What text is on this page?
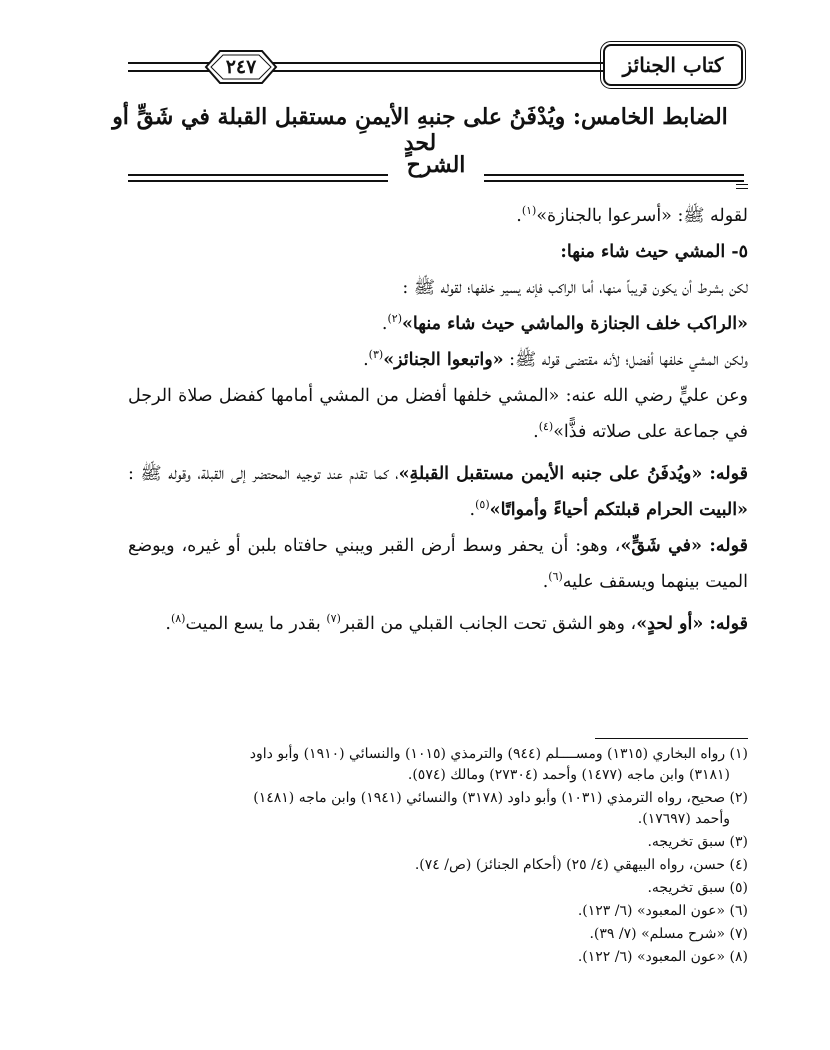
٢٤٧	كتاب الجنائز
الضابط الخامس: ويُدْفَنُ على جنبهِ الأيمنِ مستقبل القبلة في شَقٍّ أو لحدٍ
الشرح

لقوله ﷺ: «أسرعوا بالجنازة»$^{(١)}$.

٥- المشي حيث شاء منها:

لكن بشرط أن يكون قريباً منها، أما الراكب فإنه يسير خلفها؛ لقوله ﷺ :

«الراكب خلف الجنازة والماشي حيث شاء منها»$^{(٢)}$.

ولكن المشي خلفها أفضل؛ لأنه مقتضى قوله ﷺ: «واتبعوا الجنائز»$^{(٣)}$.

وعن عليٍّ رضي الله عنه: «المشي خلفها أفضل من المشي أمامها كفضل صلاة الرجل في جماعة على صلاته فذًّا»$^{(٤)}$.

قوله: «ويُدفَنُ على جنبه الأيمن مستقبل القبلةِ»، كما تقدم عند توجيه المحتضر إلى القبلة، وقوله ﷺ : «البيت الحرام قبلتكم أحياءً وأمواتًا»$^{(٥)}$.

قوله: «في شَقٍّ»، وهو: أن يحفر وسط أرض القبر ويبني حافتاه بلبن أو غيره، ويوضع الميت بينهما ويسقف عليه$^{(٦)}$.

قوله: «أو لحدٍ»، وهو الشق تحت الجانب القبلي من القبر$^{(٧)}$ بقدر ما يسع الميت$^{(٨)}$.

(١) رواه البخاري (١٣١٥) ومســــلم (٩٤٤) والترمذي (١٠١٥) والنسائي (١٩١٠) وأبو داود
(٣١٨١) وابن ماجه (١٤٧٧) وأحمد (٢٧٣٠٤) ومالك (٥٧٤).

(٢) صحيح، رواه الترمذي (١٠٣١) وأبو داود (٣١٧٨) والنسائي (١٩٤١) وابن ماجه (١٤٨١)
وأحمد (١٧٦٩٧).

(٣) سبق تخريجه.

(٤) حسن، رواه البيهقي (٤/ ٢٥) (أحكام الجنائز) (ص/ ٧٤).

(٥) سبق تخريجه.

(٦) «عون المعبود» (٦/ ١٢٣).

(٧) «شرح مسلم» (٧/ ٣٩).

(٨) «عون المعبود» (٦/ ١٢٢).
